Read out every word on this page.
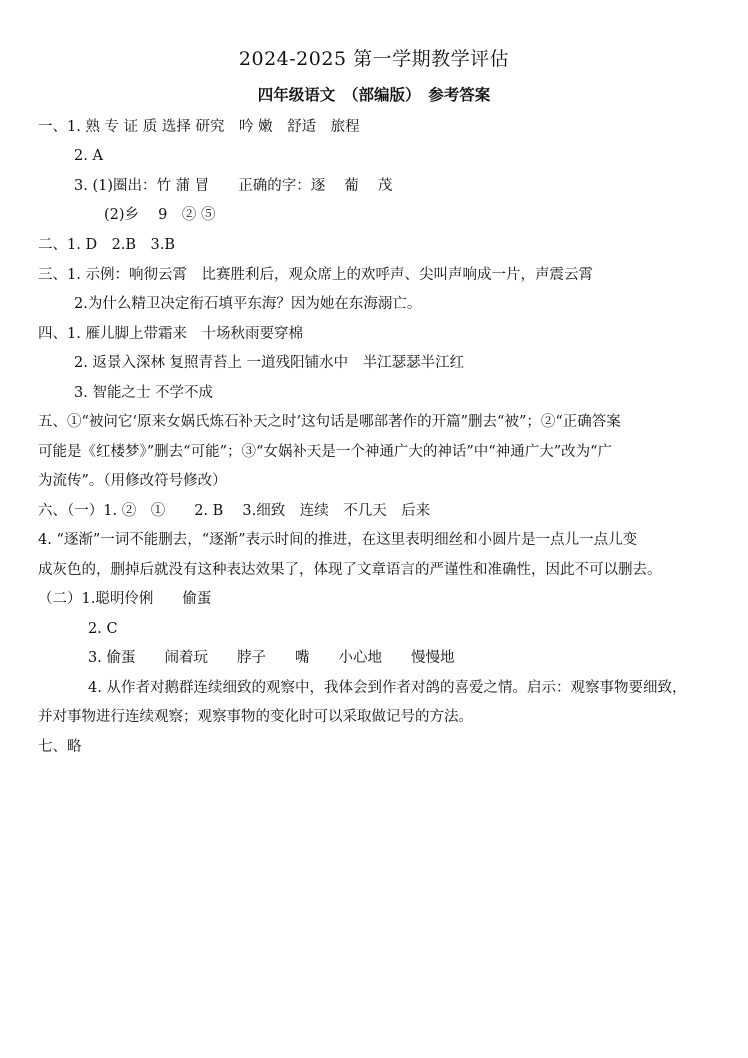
2024-2025 第一学期教学评估
四年级语文　（部编版）　参考答案
一、1. 熟 专 证 质 选择 研究　吟 嫩　舒适　旅程
2. A
3. (1)圈出：竹 蒲 冒　　正确的字：逐　 葡　 茂
(2)乡　 9　② ⑤
二、1. D　2.B　3.B
三、1. 示例：响彻云霄　比赛胜利后，观众席上的欢呼声、尖叫声响成一片，声震云霄
2.为什么精卫决定衔石填平东海？因为她在东海溺亡。
四、1. 雁儿脚上带霜来　十场秋雨要穿棉
2. 返景入深林 复照青苔上 一道残阳铺水中　半江瑟瑟半江红
3. 智能之士 不学不成
五、①“被问它‘原来女娲氏炼石补天之时’这句话是哪部著作的开篇”删去“被”；②“正确答案
可能是《红楼梦》”删去“可能”；③“女娲补天是一个神通广大的神话”中“神通广大”改为“广
为流传”。（用修改符号修改）
六、（一）1. ②　①　　2. B　 3.细致　连续　不几天　后来
4. “逐渐”一词不能删去，“逐渐”表示时间的推进，在这里表明细丝和小圆片是一点儿一点儿变
成灰色的，删掉后就没有这种表达效果了，体现了文章语言的严谨性和准确性，因此不可以删去。
（二）1.聪明伶俐　　偷蛋
2. C
3. 偷蛋　　闹着玩　　脖子　　嘴　　小心地　　慢慢地
4. 从作者对鹅群连续细致的观察中，我体会到作者对鸽的喜爱之情。启示：观察事物要细致，
并对事物进行连续观察；观察事物的变化时可以采取做记号的方法。
七、略
